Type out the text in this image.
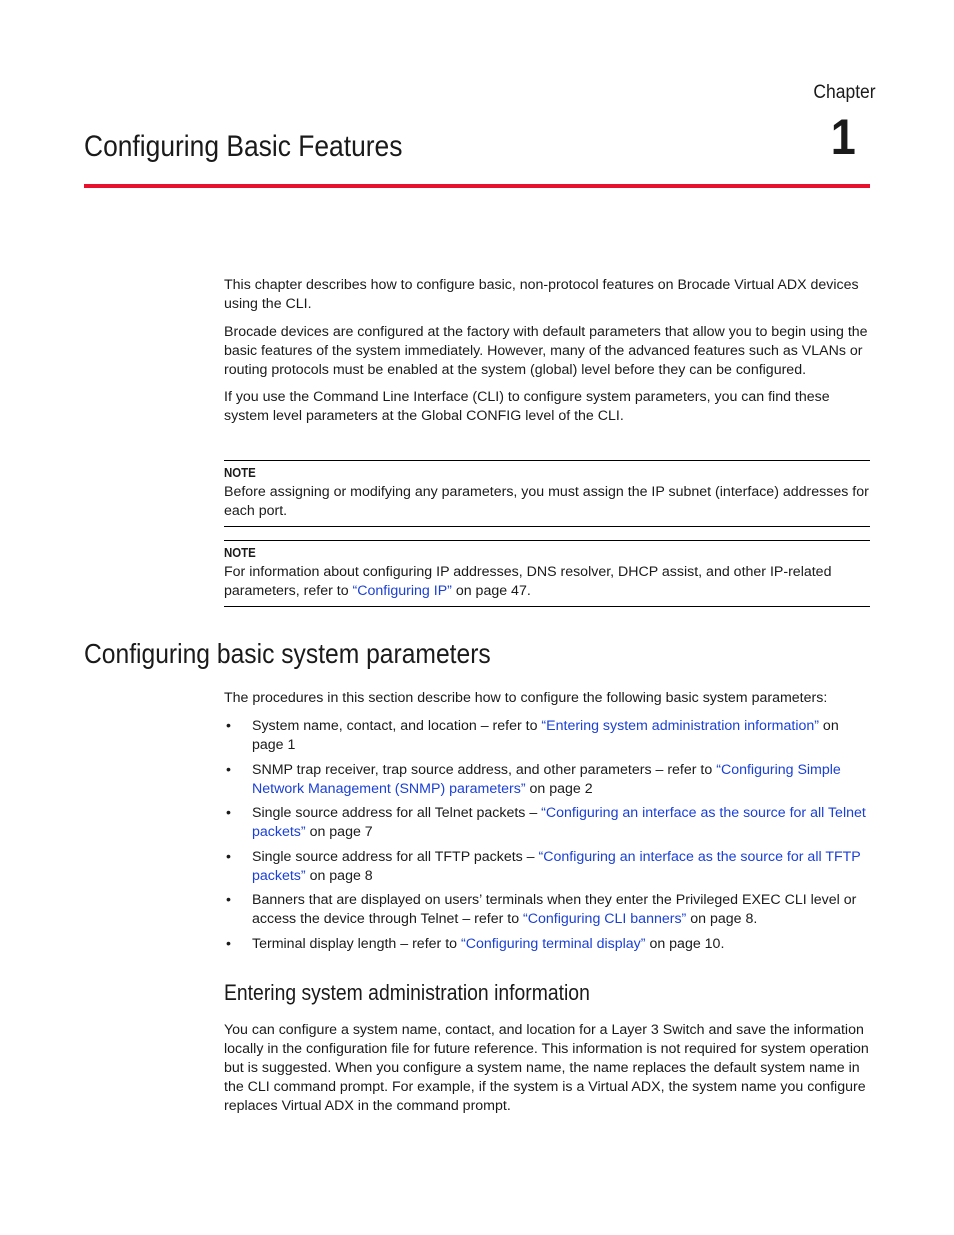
Chapter
1
Configuring Basic Features

This chapter describes how to configure basic, non-protocol features on Brocade Virtual ADX devices using the CLI.

Brocade devices are configured at the factory with default parameters that allow you to begin using the basic features of the system immediately. However, many of the advanced features such as VLANs or routing protocols must be enabled at the system (global) level before they can be configured.

If you use the Command Line Interface (CLI) to configure system parameters, you can find these system level parameters at the Global CONFIG level of the CLI.

NOTE
Before assigning or modifying any parameters, you must assign the IP subnet (interface) addresses for each port.
NOTE
For information about configuring IP addresses, DNS resolver, DHCP assist, and other IP-related parameters, refer to “Configuring IP” on page 47.
Configuring basic system parameters

The procedures in this section describe how to configure the following basic system parameters:

• System name, contact, and location – refer to “Entering system administration information” on page 1
• SNMP trap receiver, trap source address, and other parameters – refer to “Configuring Simple Network Management (SNMP) parameters” on page 2
• Single source address for all Telnet packets – “Configuring an interface as the source for all Telnet packets” on page 7
• Single source address for all TFTP packets – “Configuring an interface as the source for all TFTP packets” on page 8
• Banners that are displayed on users’ terminals when they enter the Privileged EXEC CLI level or access the device through Telnet – refer to “Configuring CLI banners” on page 8.
• Terminal display length – refer to “Configuring terminal display” on page 10.
Entering system administration information

You can configure a system name, contact, and location for a Layer 3 Switch and save the information locally in the configuration file for future reference. This information is not required for system operation but is suggested. When you configure a system name, the name replaces the default system name in the CLI command prompt. For example, if the system is a Virtual ADX, the system name you configure replaces Virtual ADX in the command prompt.
